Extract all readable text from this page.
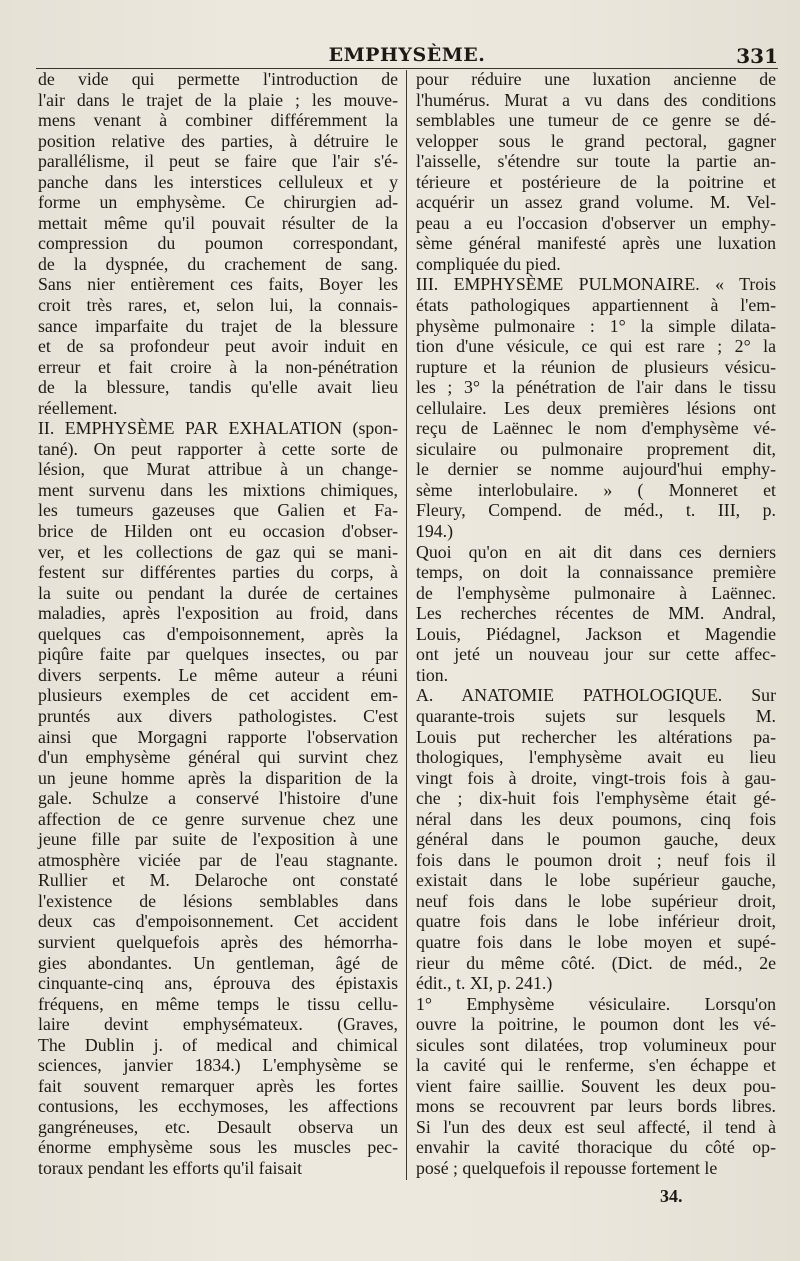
EMPHYSÈME.	331
de vide qui permette l'introduction de
l'air dans le trajet de la plaie ; les mouve-
mens venant à combiner différemment la
position relative des parties, à détruire le
parallélisme, il peut se faire que l'air s'é-
panche dans les interstices celluleux et y
forme un emphysème. Ce chirurgien ad-
mettait même qu'il pouvait résulter de la
compression du poumon correspondant,
de la dyspnée, du crachement de sang.
Sans nier entièrement ces faits, Boyer les
croit très rares, et, selon lui, la connais-
sance imparfaite du trajet de la blessure
et de sa profondeur peut avoir induit en
erreur et fait croire à la non-pénétration
de la blessure, tandis qu'elle avait lieu
réellement.
II. EMPHYSÈME PAR EXHALATION (spon-
tané). On peut rapporter à cette sorte de
lésion, que Murat attribue à un change-
ment survenu dans les mixtions chimiques,
les tumeurs gazeuses que Galien et Fa-
brice de Hilden ont eu occasion d'obser-
ver, et les collections de gaz qui se mani-
festent sur différentes parties du corps, à
la suite ou pendant la durée de certaines
maladies, après l'exposition au froid, dans
quelques cas d'empoisonnement, après la
piqûre faite par quelques insectes, ou par
divers serpents. Le même auteur a réuni
plusieurs exemples de cet accident em-
pruntés aux divers pathologistes. C'est
ainsi que Morgagni rapporte l'observation
d'un emphysème général qui survint chez
un jeune homme après la disparition de la
gale. Schulze a conservé l'histoire d'une
affection de ce genre survenue chez une
jeune fille par suite de l'exposition à une
atmosphère viciée par de l'eau stagnante.
Rullier et M. Delaroche ont constaté
l'existence de lésions semblables dans
deux cas d'empoisonnement. Cet accident
survient quelquefois après des hémorrha-
gies abondantes. Un gentleman, âgé de
cinquante-cinq ans, éprouva des épistaxis
fréquens, en même temps le tissu cellu-
laire devint emphysémateux. (Graves,
The Dublin j. of medical and chimical
sciences, janvier 1834.) L'emphysème se
fait souvent remarquer après les fortes
contusions, les ecchymoses, les affections
gangréneuses, etc. Desault observa un
énorme emphysème sous les muscles pec-
toraux pendant les efforts qu'il faisait
pour réduire une luxation ancienne de
l'humérus. Murat a vu dans des conditions
semblables une tumeur de ce genre se dé-
velopper sous le grand pectoral, gagner
l'aisselle, s'étendre sur toute la partie an-
térieure et postérieure de la poitrine et
acquérir un assez grand volume. M. Vel-
peau a eu l'occasion d'observer un emphy-
sème général manifesté après une luxation
compliquée du pied.
III. EMPHYSÈME PULMONAIRE. « Trois
états pathologiques appartiennent à l'em-
physème pulmonaire : 1° la simple dilata-
tion d'une vésicule, ce qui est rare ; 2° la
rupture et la réunion de plusieurs vésicu-
les ; 3° la pénétration de l'air dans le tissu
cellulaire. Les deux premières lésions ont
reçu de Laënnec le nom d'emphysème vé-
siculaire ou pulmonaire proprement dit,
le dernier se nomme aujourd'hui emphy-
sème interlobulaire. » ( Monneret et
Fleury, Compend. de méd., t. III, p.
194.)
Quoi qu'on en ait dit dans ces derniers
temps, on doit la connaissance première
de l'emphysème pulmonaire à Laënnec.
Les recherches récentes de MM. Andral,
Louis, Piédagnel, Jackson et Magendie
ont jeté un nouveau jour sur cette affec-
tion.
A. ANATOMIE PATHOLOGIQUE. Sur
quarante-trois sujets sur lesquels M.
Louis put rechercher les altérations pa-
thologiques, l'emphysème avait eu lieu
vingt fois à droite, vingt-trois fois à gau-
che ; dix-huit fois l'emphysème était gé-
néral dans les deux poumons, cinq fois
général dans le poumon gauche, deux
fois dans le poumon droit ; neuf fois il
existait dans le lobe supérieur gauche,
neuf fois dans le lobe supérieur droit,
quatre fois dans le lobe inférieur droit,
quatre fois dans le lobe moyen et supé-
rieur du même côté. (Dict. de méd., 2e
édit., t. XI, p. 241.)
1° Emphysème vésiculaire. Lorsqu'on
ouvre la poitrine, le poumon dont les vé-
sicules sont dilatées, trop volumineux pour
la cavité qui le renferme, s'en échappe et
vient faire saillie. Souvent les deux pou-
mons se recouvrent par leurs bords libres.
Si l'un des deux est seul affecté, il tend à
envahir la cavité thoracique du côté op-
posé ; quelquefois il repousse fortement le
34.
